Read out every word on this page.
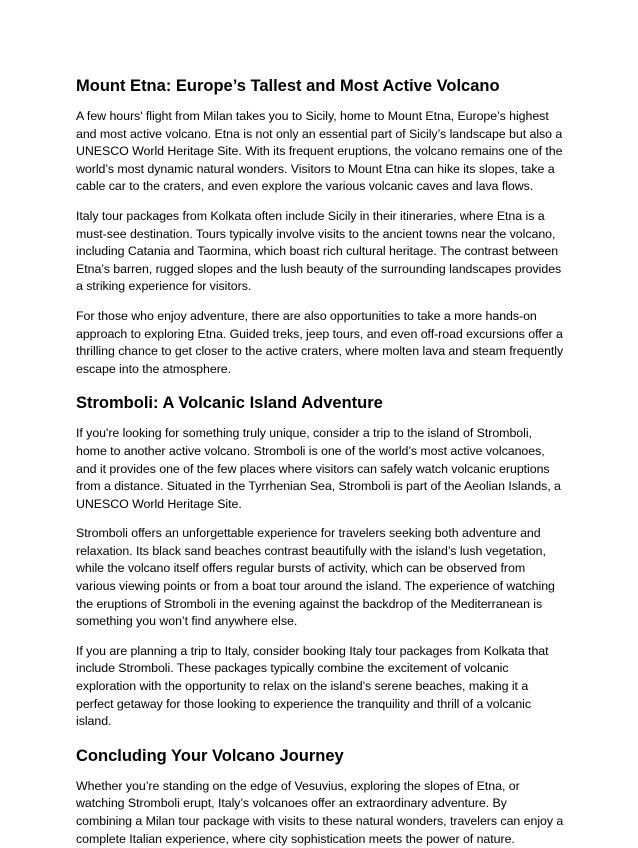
Mount Etna: Europe’s Tallest and Most Active Volcano

A few hours' flight from Milan takes you to Sicily, home to Mount Etna, Europe’s highest and most active volcano. Etna is not only an essential part of Sicily’s landscape but also a UNESCO World Heritage Site. With its frequent eruptions, the volcano remains one of the world’s most dynamic natural wonders. Visitors to Mount Etna can hike its slopes, take a cable car to the craters, and even explore the various volcanic caves and lava flows.

Italy tour packages from Kolkata often include Sicily in their itineraries, where Etna is a must-see destination. Tours typically involve visits to the ancient towns near the volcano, including Catania and Taormina, which boast rich cultural heritage. The contrast between Etna’s barren, rugged slopes and the lush beauty of the surrounding landscapes provides a striking experience for visitors.

For those who enjoy adventure, there are also opportunities to take a more hands-on approach to exploring Etna. Guided treks, jeep tours, and even off-road excursions offer a thrilling chance to get closer to the active craters, where molten lava and steam frequently escape into the atmosphere.

Stromboli: A Volcanic Island Adventure

If you're looking for something truly unique, consider a trip to the island of Stromboli, home to another active volcano. Stromboli is one of the world’s most active volcanoes, and it provides one of the few places where visitors can safely watch volcanic eruptions from a distance. Situated in the Tyrrhenian Sea, Stromboli is part of the Aeolian Islands, a UNESCO World Heritage Site.

Stromboli offers an unforgettable experience for travelers seeking both adventure and relaxation. Its black sand beaches contrast beautifully with the island’s lush vegetation, while the volcano itself offers regular bursts of activity, which can be observed from various viewing points or from a boat tour around the island. The experience of watching the eruptions of Stromboli in the evening against the backdrop of the Mediterranean is something you won’t find anywhere else.

If you are planning a trip to Italy, consider booking Italy tour packages from Kolkata that include Stromboli. These packages typically combine the excitement of volcanic exploration with the opportunity to relax on the island’s serene beaches, making it a perfect getaway for those looking to experience the tranquility and thrill of a volcanic island.

Concluding Your Volcano Journey

Whether you’re standing on the edge of Vesuvius, exploring the slopes of Etna, or watching Stromboli erupt, Italy’s volcanoes offer an extraordinary adventure. By combining a Milan tour package with visits to these natural wonders, travelers can enjoy a complete Italian experience, where city sophistication meets the power of nature.
